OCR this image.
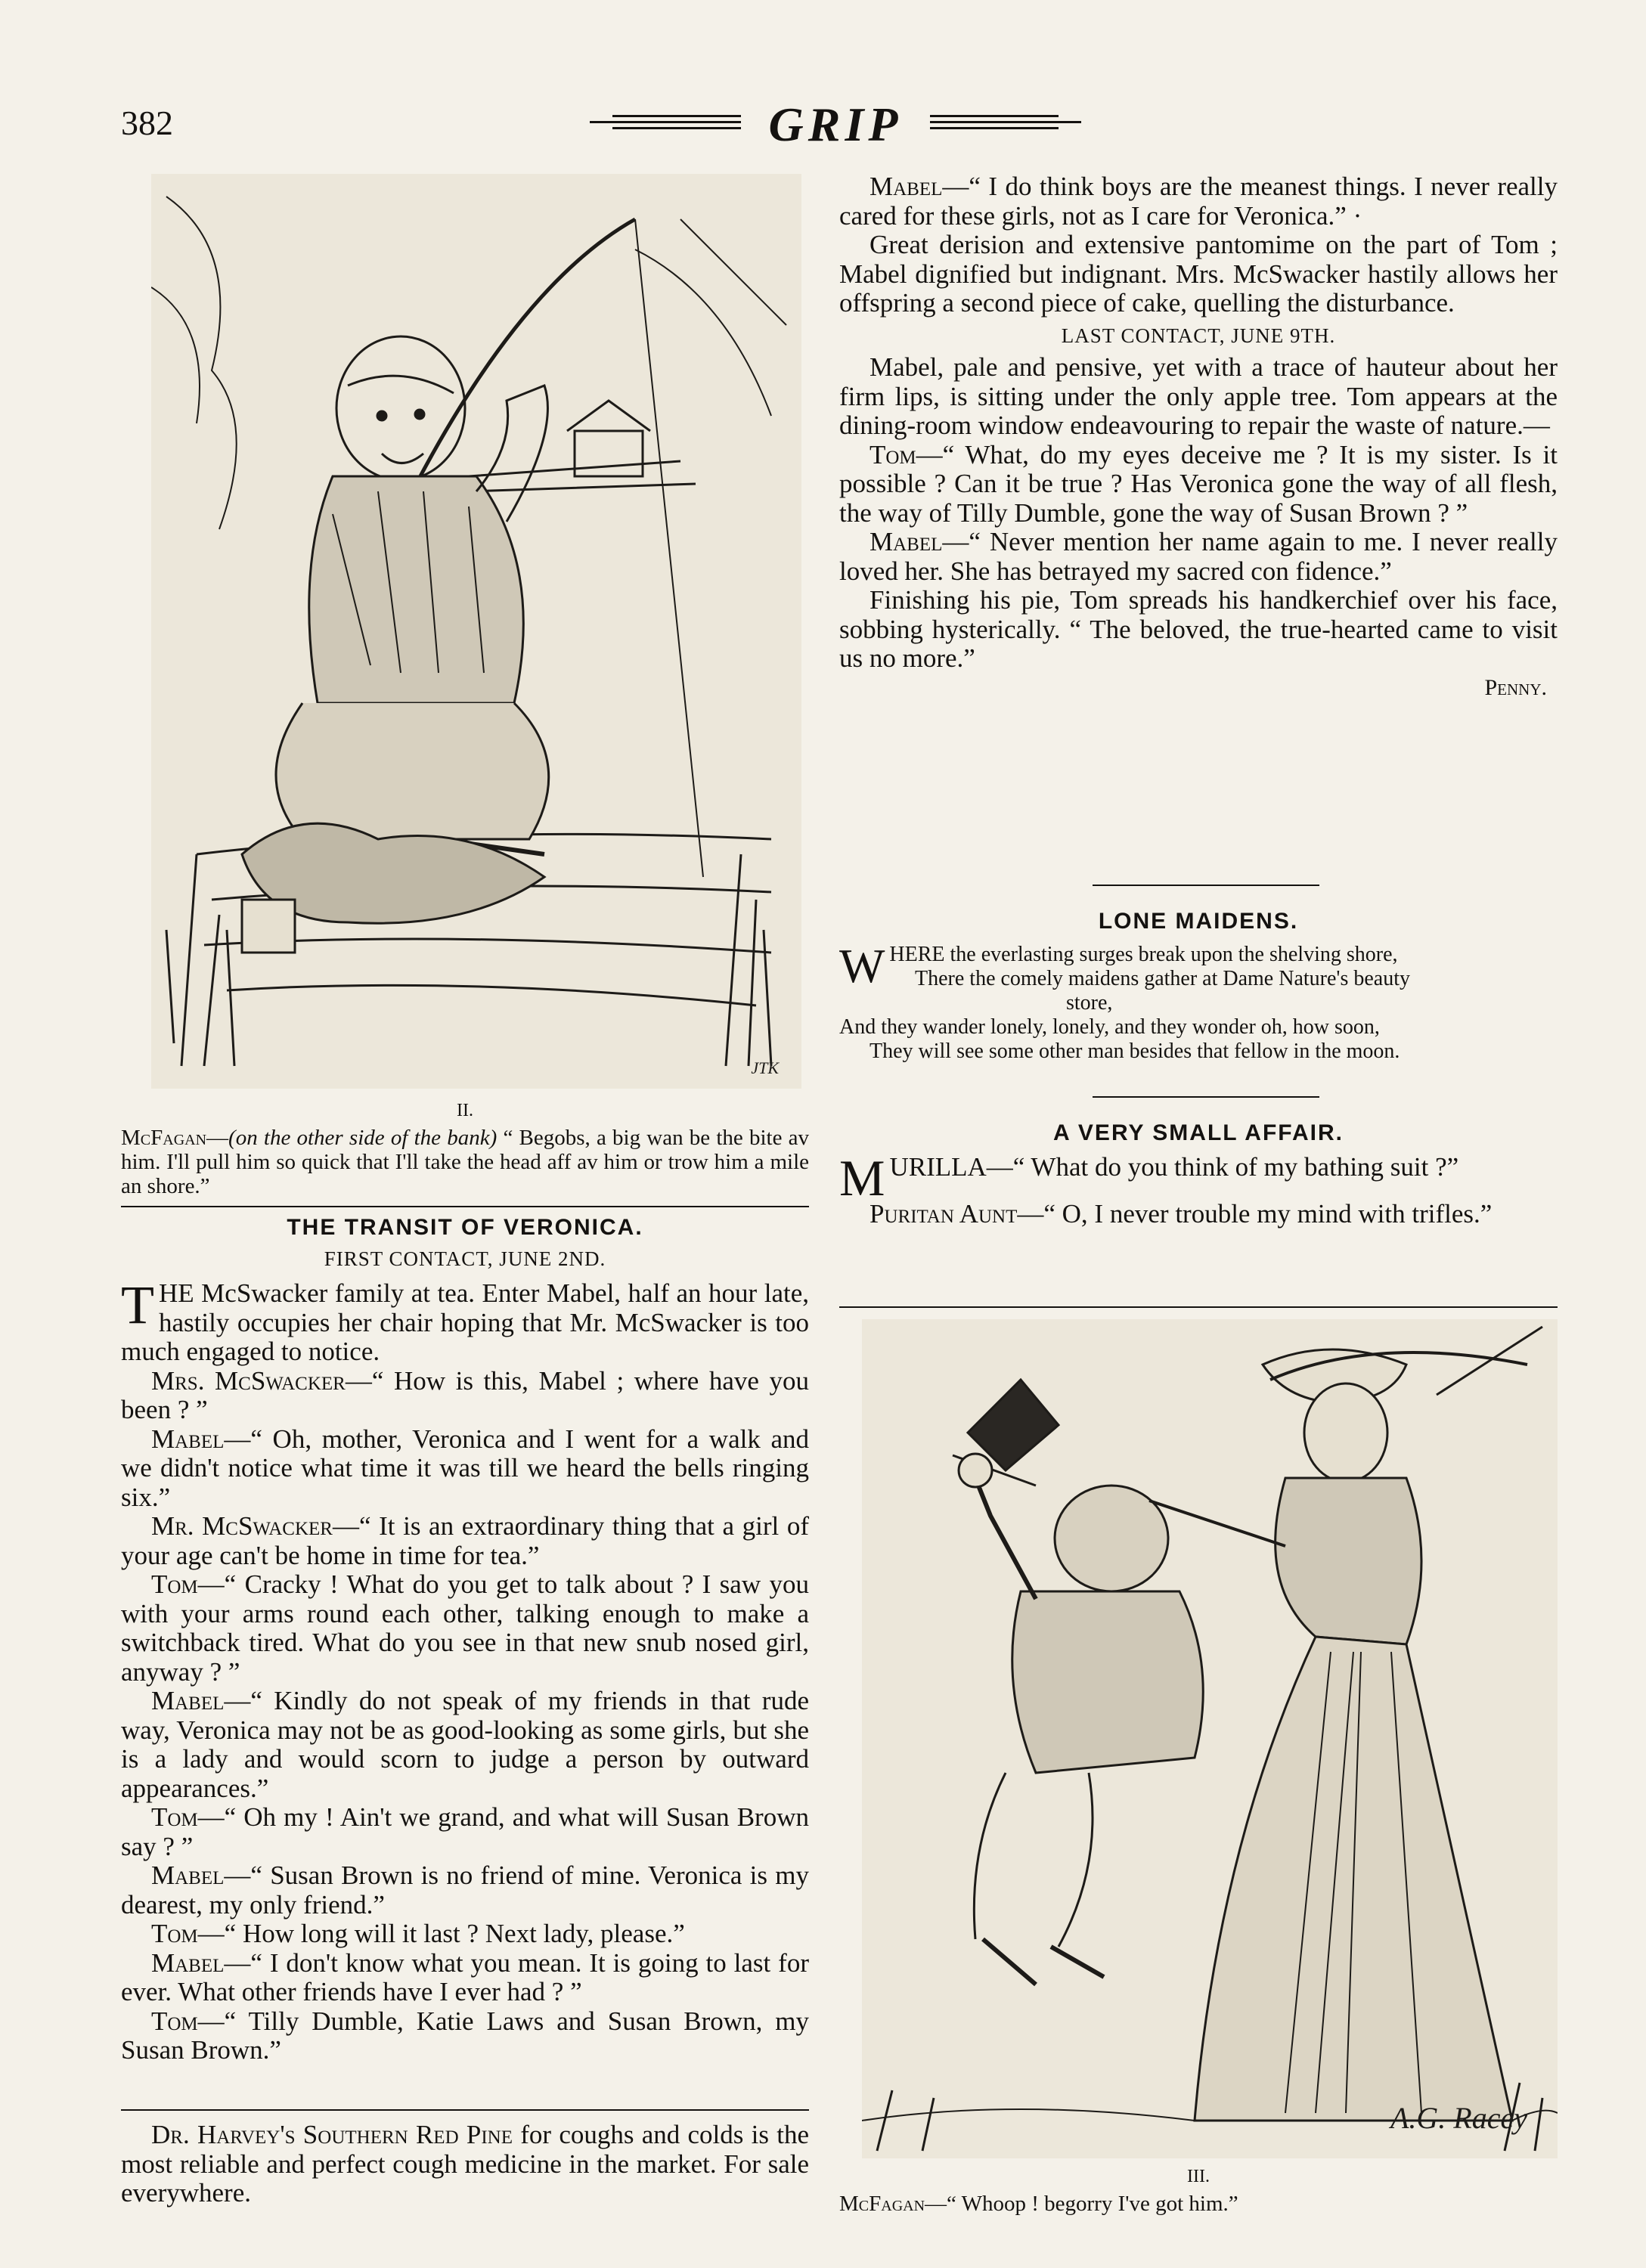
382	GRIP
JTK
II.
McFagan—(on the other side of the bank) “ Begobs, a big wan be the bite av him. I'll pull him so quick that I'll take the head aff av him or trow him a mile an shore.”
THE TRANSIT OF VERONICA.
FIRST CONTACT, JUNE 2ND.

THE McSwacker family at tea. Enter Mabel, half an hour late, hastily occupies her chair hoping that Mr. McSwacker is too much engaged to notice.

Mrs. McSwacker—“ How is this, Mabel ; where have you been ? ”

Mabel—“ Oh, mother, Veronica and I went for a walk and we didn't notice what time it was till we heard the bells ringing six.”

Mr. McSwacker—“ It is an extraordinary thing that a girl of your age can't be home in time for tea.”

Tom—“ Cracky ! What do you get to talk about ? I saw you with your arms round each other, talking enough to make a switchback tired. What do you see in that new snub nosed girl, anyway ? ”

Mabel—“ Kindly do not speak of my friends in that rude way, Veronica may not be as good-looking as some girls, but she is a lady and would scorn to judge a person by outward appearances.”

Tom—“ Oh my ! Ain't we grand, and what will Susan Brown say ? ”

Mabel—“ Susan Brown is no friend of mine. Veronica is my dearest, my only friend.”

Tom—“ How long will it last ? Next lady, please.”

Mabel—“ I don't know what you mean. It is going to last for ever. What other friends have I ever had ? ”

Tom—“ Tilly Dumble, Katie Laws and Susan Brown, my Susan Brown.”

Dr. Harvey's Southern Red Pine for coughs and colds is the most reliable and perfect cough medicine in the market. For sale everywhere.

Mabel—“ I do think boys are the meanest things. I never really cared for these girls, not as I care for Veronica.” ·

Great derision and extensive pantomime on the part of Tom ; Mabel dignified but indignant. Mrs. McSwacker hastily allows her offspring a second piece of cake, quelling the disturbance.

LAST CONTACT, JUNE 9TH.

Mabel, pale and pensive, yet with a trace of hauteur about her firm lips, is sitting under the only apple tree. Tom appears at the dining-room window endeavouring to repair the waste of nature.—

Tom—“ What, do my eyes deceive me ? It is my sister. Is it possible ? Can it be true ? Has Veronica gone the way of all flesh, the way of Tilly Dumble, gone the way of Susan Brown ? ”

Mabel—“ Never mention her name again to me. I never really loved her. She has betrayed my sacred con fidence.”

Finishing his pie, Tom spreads his handkerchief over his face, sobbing hysterically. “ The beloved, the true-hearted came to visit us no more.”

Penny.
LONE MAIDENS.
WHERE the everlasting surges break upon the shelving shore,
There the comely maidens gather at Dame Nature's beauty
store,
And they wander lonely, lonely, and they wonder oh, how soon,
They will see some other man besides that fellow in the moon.
A VERY SMALL AFFAIR.

MURILLA—“ What do you think of my bathing suit ?”

Puritan Aunt—“ O, I never trouble my mind with trifles.”

A.G. Racey
III.
McFagan—“ Whoop ! begorry I've got him.”
